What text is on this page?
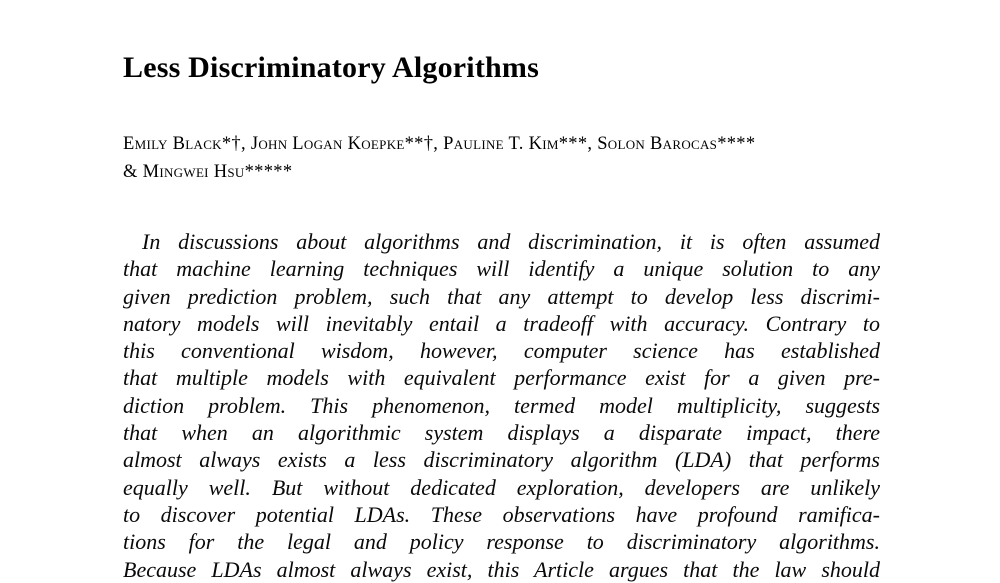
Less Discriminatory Algorithms
Emily Black*†, John Logan Koepke**†, Pauline T. Kim***, Solon Barocas****
& Mingwei Hsu*****
In discussions about algorithms and discrimination, it is often assumed
that machine learning techniques will identify a unique solution to any
given prediction problem, such that any attempt to develop less discrimi-
natory models will inevitably entail a tradeoff with accuracy. Contrary to
this conventional wisdom, however, computer science has established
that multiple models with equivalent performance exist for a given pre-
diction problem. This phenomenon, termed model multiplicity, suggests
that when an algorithmic system displays a disparate impact, there
almost always exists a less discriminatory algorithm (LDA) that performs
equally well. But without dedicated exploration, developers are unlikely
to discover potential LDAs. These observations have profound ramifica-
tions for the legal and policy response to discriminatory algorithms.
Because LDAs almost always exist, this Article argues that the law should
